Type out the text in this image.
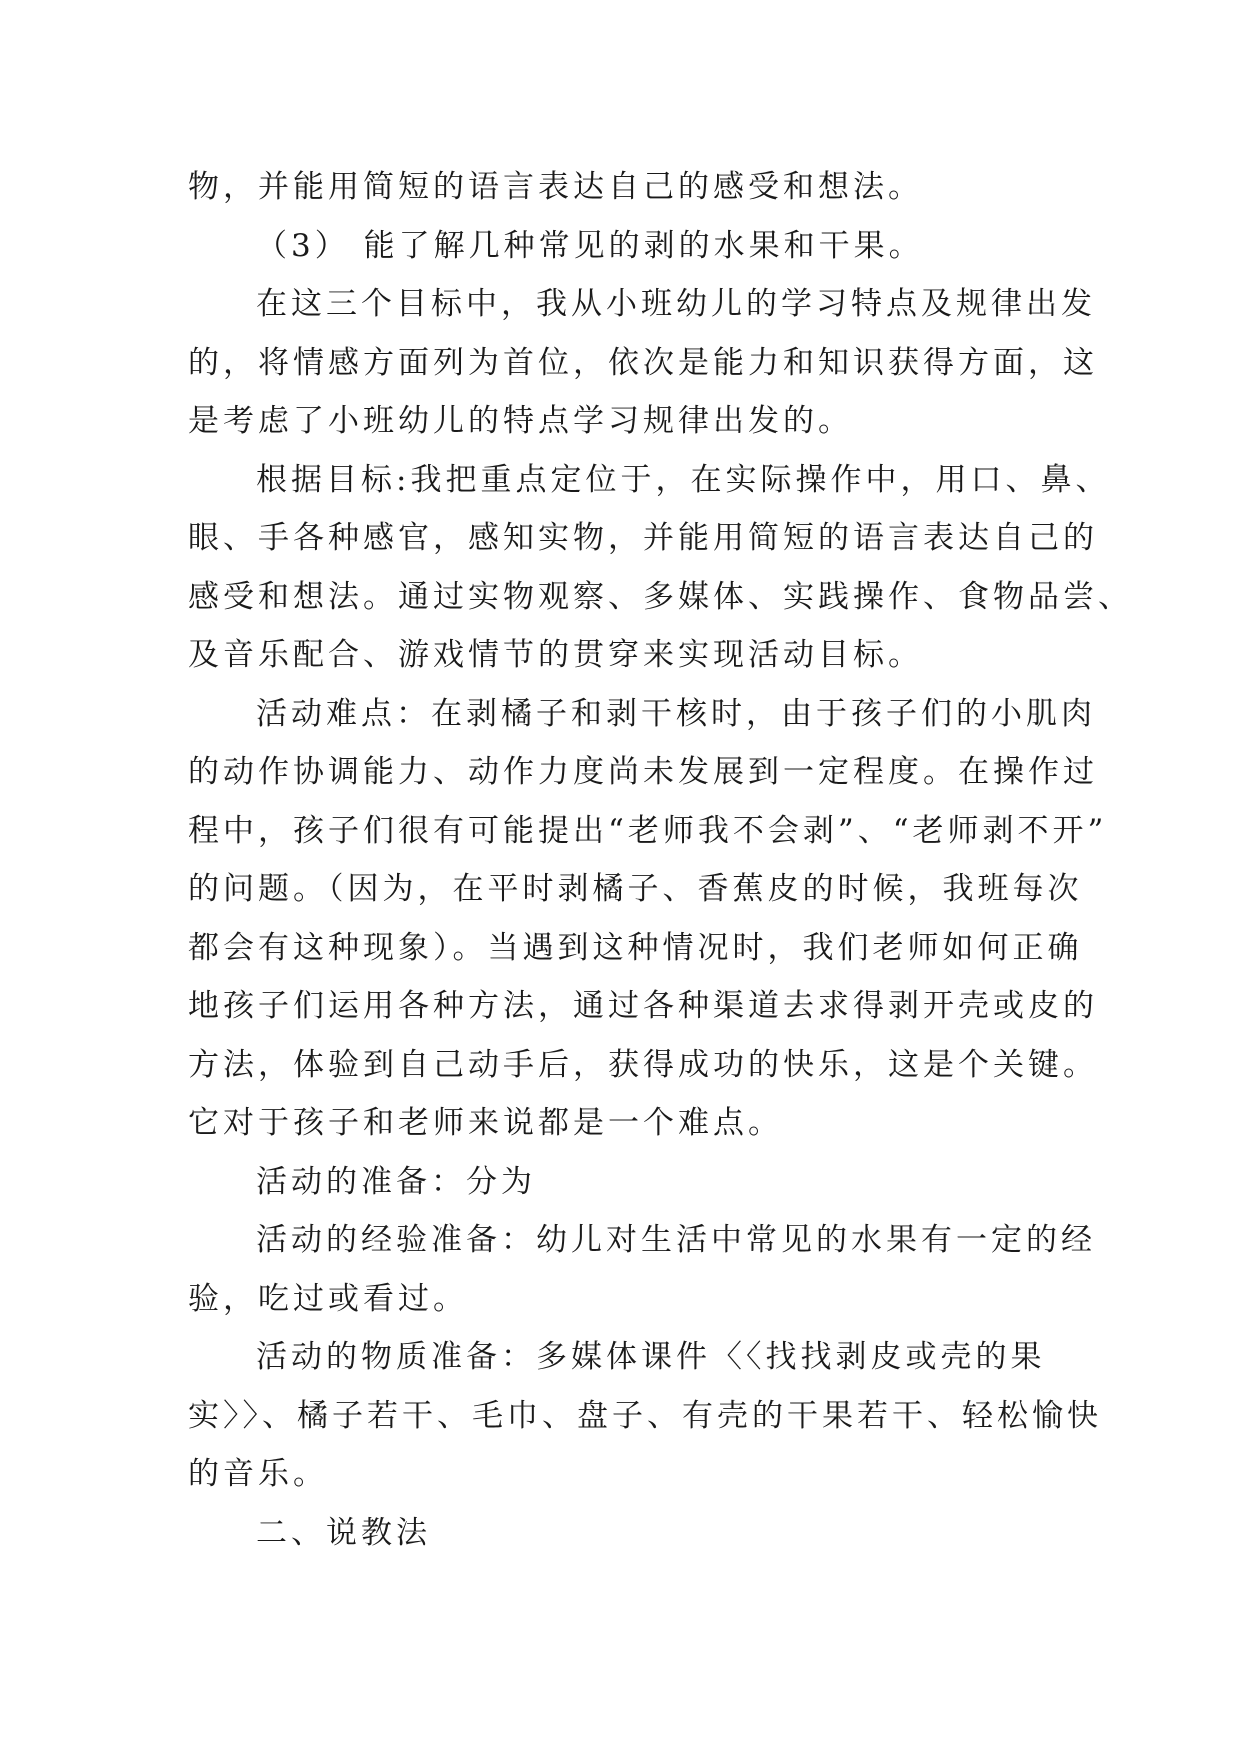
物，并能用简短的语言表达自己的感受和想法。
（3） 能了解几种常见的剥的水果和干果。
在这三个目标中，我从小班幼儿的学习特点及规律出发
的，将情感方面列为首位，依次是能力和知识获得方面，这
是考虑了小班幼儿的特点学习规律出发的。
根据目标:我把重点定位于，在实际操作中，用口、鼻、
眼、手各种感官，感知实物，并能用简短的语言表达自己的
感受和想法。通过实物观察、多媒体、实践操作、食物品尝、
及音乐配合、游戏情节的贯穿来实现活动目标。
活动难点：在剥橘子和剥干核时，由于孩子们的小肌肉
的动作协调能力、动作力度尚未发展到一定程度。在操作过
程中，孩子们很有可能提出“老师我不会剥”、“老师剥不开”
的问题。（因为，在平时剥橘子、香蕉皮的时候，我班每次
都会有这种现象）。当遇到这种情况时，我们老师如何正确
地孩子们运用各种方法，通过各种渠道去求得剥开壳或皮的
方法，体验到自己动手后，获得成功的快乐，这是个关键。
它对于孩子和老师来说都是一个难点。
活动的准备：分为
活动的经验准备：幼儿对生活中常见的水果有一定的经
验，吃过或看过。
活动的物质准备：多媒体课件〈〈找找剥皮或壳的果
实〉〉、橘子若干、毛巾、盘子、有壳的干果若干、轻松愉快
的音乐。
二、说教法
